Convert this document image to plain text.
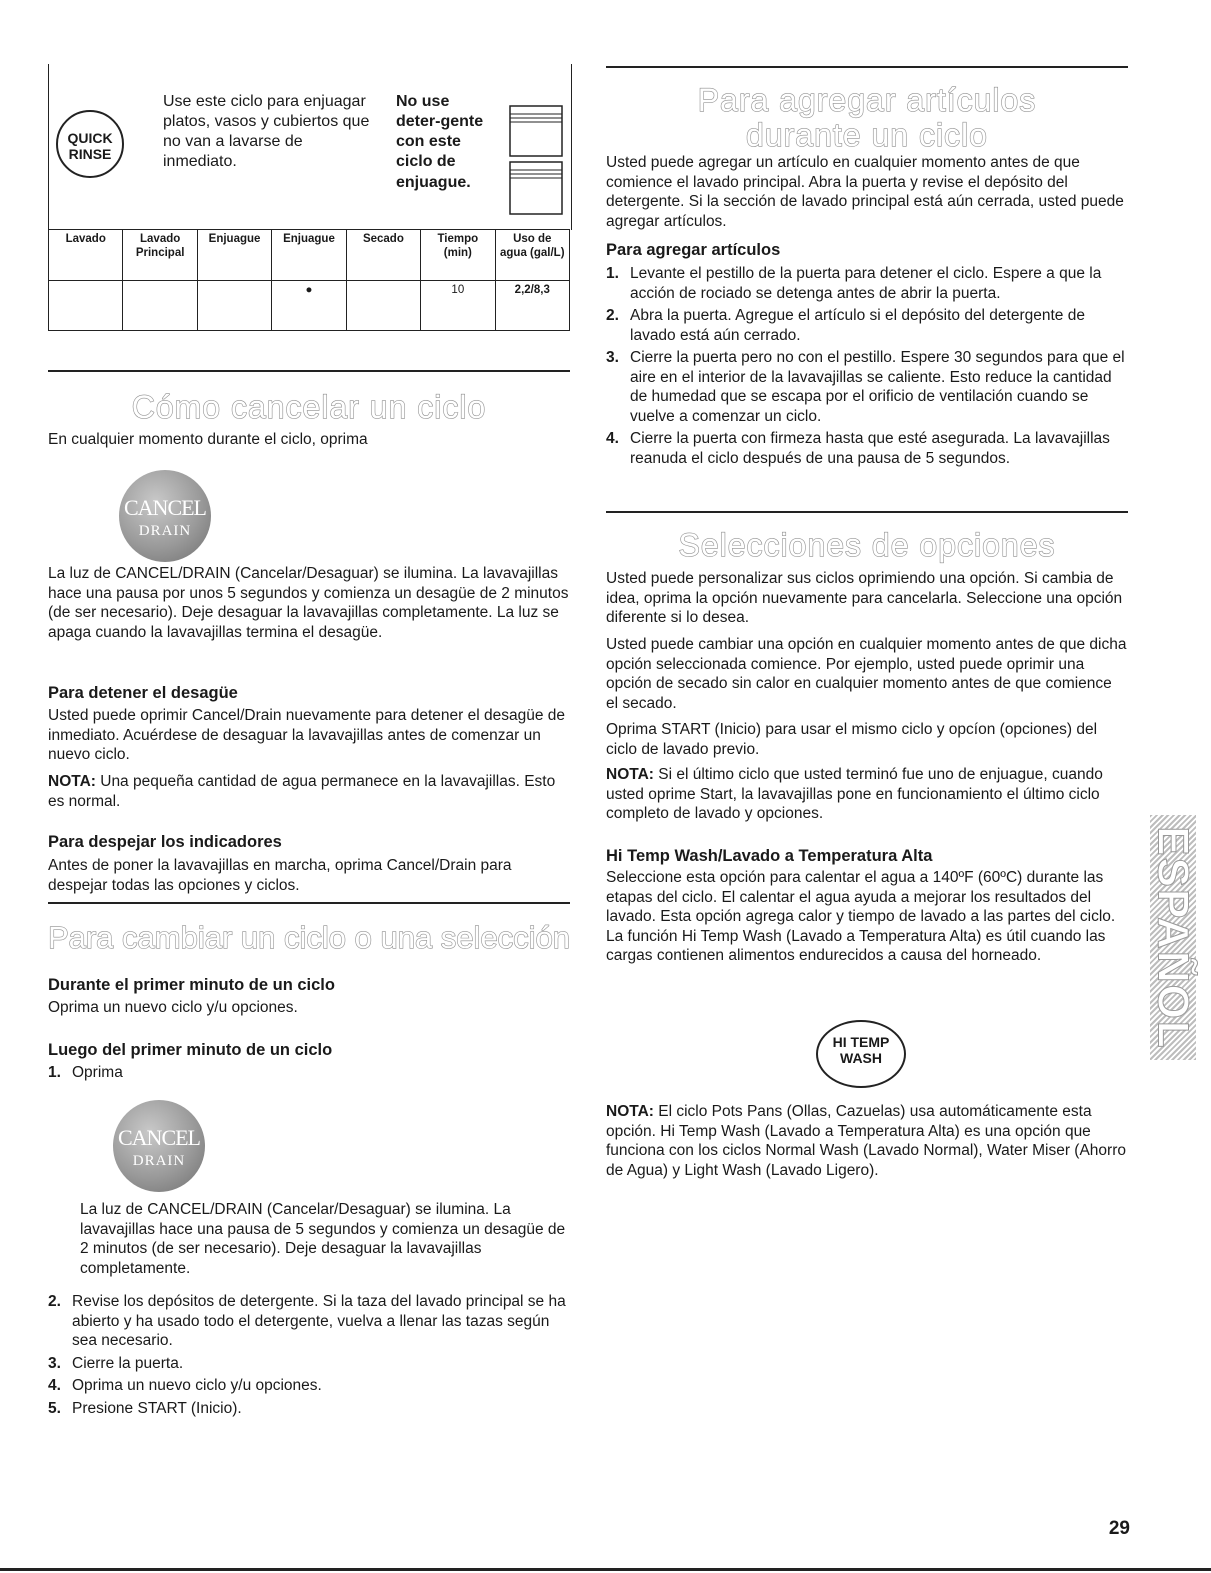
QUICK
RINSE

Use este ciclo para enjuagar platos, vasos y cubiertos que no van a lavarse de inmediato.

No use deter-gente con este ciclo de enjuague.

Lavado	Lavado Principal	Enjuague	Enjuague	Secado	Tiempo (min)	Uso de agua (gal/L)
			●		10	2,2/8,3
Cómo cancelar un ciclo

En cualquier momento durante el ciclo, oprima

CANCEL
DRAIN

La luz de CANCEL/DRAIN (Cancelar/Desaguar) se ilumina. La lavavajillas hace una pausa por unos 5 segundos y comienza un desagüe de 2 minutos (de ser necesario). Deje desaguar la lavavajillas completamente. La luz se apaga cuando la lavavajillas termina el desagüe.

Para detener el desagüe

Usted puede oprimir Cancel/Drain nuevamente para detener el desagüe de inmediato. Acuérdese de desaguar la lavavajillas antes de comenzar un nuevo ciclo.

NOTA: Una pequeña cantidad de agua permanece en la lavavajillas. Esto es normal.

Para despejar los indicadores

Antes de poner la lavavajillas en marcha, oprima Cancel/Drain para despejar todas las opciones y ciclos.

Para cambiar un ciclo o una selección

Durante el primer minuto de un ciclo

Oprima un nuevo ciclo y/u opciones.

Luego del primer minuto de un ciclo

1. Oprima
CANCEL
DRAIN

La luz de CANCEL/DRAIN (Cancelar/Desaguar) se ilumina. La lavavajillas hace una pausa de 5 segundos y comienza un desagüe de 2 minutos (de ser necesario). Deje desaguar la lavavajillas completamente.

2. Revise los depósitos de detergente. Si la taza del lavado principal se ha abierto y ha usado todo el detergente, vuelva a llenar las tazas según sea necesario.
3. Cierre la puerta.
4. Oprima un nuevo ciclo y/u opciones.
5. Presione START (Inicio).
Para agregar artículos
durante un ciclo

Usted puede agregar un artículo en cualquier momento antes de que comience el lavado principal. Abra la puerta y revise el depósito del detergente. Si la sección de lavado principal está aún cerrada, usted puede agregar artículos.

Para agregar artículos

1. Levante el pestillo de la puerta para detener el ciclo. Espere a que la acción de rociado se detenga antes de abrir la puerta.
2. Abra la puerta. Agregue el artículo si el depósito del detergente de lavado está aún cerrado.
3. Cierre la puerta pero no con el pestillo. Espere 30 segundos para que el aire en el interior de la lavavajillas se caliente. Esto reduce la cantidad de humedad que se escapa por el orificio de ventilación cuando se vuelve a comenzar un ciclo.
4. Cierre la puerta con firmeza hasta que esté asegurada. La lavavajillas reanuda el ciclo después de una pausa de 5 segundos.
Selecciones de opciones

Usted puede personalizar sus ciclos oprimiendo una opción. Si cambia de idea, oprima la opción nuevamente para cancelarla. Seleccione una opción diferente si lo desea.

Usted puede cambiar una opción en cualquier momento antes de que dicha opción seleccionada comience. Por ejemplo, usted puede oprimir una opción de secado sin calor en cualquier momento antes de que comience el secado.

Oprima START (Inicio) para usar el mismo ciclo y opcíon (opciones) del ciclo de lavado previo.

NOTA: Si el último ciclo que usted terminó fue uno de enjuague, cuando usted oprime Start, la lavavajillas pone en funcionamiento el último ciclo completo de lavado y opciones.

Hi Temp Wash/Lavado a Temperatura Alta

Seleccione esta opción para calentar el agua a 140ºF (60ºC) durante las etapas del ciclo. El calentar el agua ayuda a mejorar los resultados del lavado. Esta opción agrega calor y tiempo de lavado a las partes del ciclo. La función Hi Temp Wash (Lavado a Temperatura Alta) es útil cuando las cargas contienen alimentos endurecidos a causa del horneado.

HI TEMP
WASH

NOTA: El ciclo Pots Pans (Ollas, Cazuelas) usa automáticamente esta opción. Hi Temp Wash (Lavado a Temperatura Alta) es una opción que funciona con los ciclos Normal Wash (Lavado Normal), Water Miser (Ahorro de Agua) y Light Wash (Lavado Ligero).

ESPAÑOL
29
